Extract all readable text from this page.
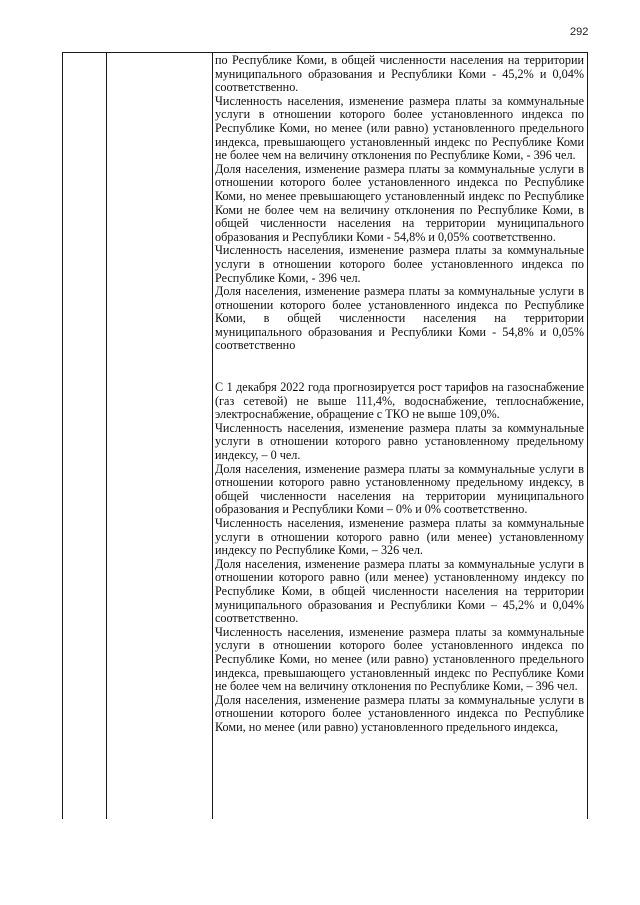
292

по Республике Коми, в общей численности населения на территории муниципального образования и Республики Коми - 45,2% и 0,04% соответственно.

Численность населения, изменение размера платы за коммунальные услуги в отношении которого более установленного индекса по Республике Коми, но менее (или равно) установленного предельного индекса, превышающего установленный индекс по Республике Коми не более чем на величину отклонения по Республике Коми, - 396 чел.

Доля населения, изменение размера платы за коммунальные услуги в отношении которого более установленного индекса по Республике Коми, но менее превышающего установленный индекс по Республике Коми не более чем на величину отклонения по Республике Коми, в общей численности населения на территории муниципального образования и Республики Коми - 54,8% и 0,05% соответственно.

Численность населения, изменение размера платы за коммунальные услуги в отношении которого более установленного индекса по Республике Коми, - 396 чел.

Доля населения, изменение размера платы за коммунальные услуги в отношении которого более установленного индекса по Республике Коми, в общей численности населения на территории муниципального образования и Республики Коми - 54,8% и 0,05% соответственно

С 1 декабря 2022 года прогнозируется рост тарифов на газоснабжение (газ сетевой) не выше 111,4%, водоснабжение, теплоснабжение, электроснабжение, обращение с ТКО не выше 109,0%.

Численность населения, изменение размера платы за коммунальные услуги в отношении которого равно установленному предельному индексу, – 0 чел.

Доля населения, изменение размера платы за коммунальные услуги в отношении которого равно установленному предельному индексу, в общей численности населения на территории муниципального образования и Республики Коми – 0% и 0% соответственно.

Численность населения, изменение размера платы за коммунальные услуги в отношении которого равно (или менее) установленному индексу по Республике Коми, – 326 чел.

Доля населения, изменение размера платы за коммунальные услуги в отношении которого равно (или менее) установленному индексу по Республике Коми, в общей численности населения на территории муниципального образования и Республики Коми – 45,2% и 0,04% соответственно.

Численность населения, изменение размера платы за коммунальные услуги в отношении которого более установленного индекса по Республике Коми, но менее (или равно) установленного предельного индекса, превышающего установленный индекс по Республике Коми не более чем на величину отклонения по Республике Коми, – 396 чел.

Доля населения, изменение размера платы за коммунальные услуги в отношении которого более установленного индекса по Республике Коми, но менее (или равно) установленного предельного индекса,
